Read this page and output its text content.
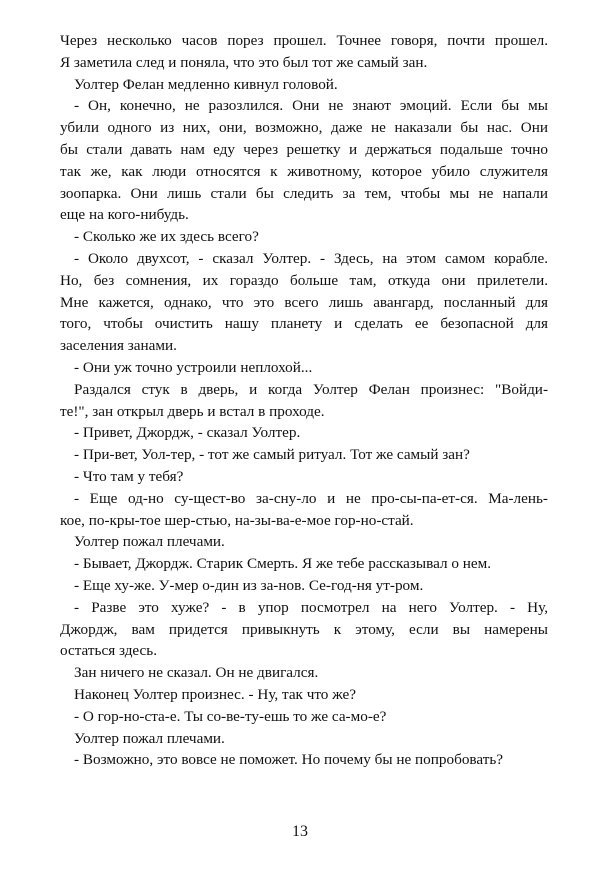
Через несколько часов порез прошел. Точнее говоря, почти прошел.
Я заметила след и поняла, что это был тот же самый зан.
Уолтер Фелан медленно кивнул головой.
- Он, конечно, не разозлился. Они не знают эмоций. Если бы мы
убили одного из них, они, возможно, даже не наказали бы нас. Они
бы стали давать нам еду через решетку и держаться подальше точно
так же, как люди относятся к животному, которое убило служителя
зоопарка. Они лишь стали бы следить за тем, чтобы мы не напали
еще на кого-нибудь.
- Сколько же их здесь всего?
- Около двухсот, - сказал Уолтер. - Здесь, на этом самом корабле.
Но, без сомнения, их гораздо больше там, откуда они прилетели.
Мне кажется, однако, что это всего лишь авангард, посланный для
того, чтобы очистить нашу планету и сделать ее безопасной для
заселения занами.
- Они уж точно устроили неплохой...
Раздался стук в дверь, и когда Уолтер Фелан произнес: "Войди-
те!", зан открыл дверь и встал в проходе.
- Привет, Джордж, - сказал Уолтер.
- При-вет, Уол-тер, - тот же самый ритуал. Тот же самый зан?
- Что там у тебя?
- Еще од-но су-щест-во за-сну-ло и не про-сы-па-ет-ся. Ма-лень-
кое, по-кры-тое шер-стью, на-зы-ва-е-мое гор-но-стай.
Уолтер пожал плечами.
- Бывает, Джордж. Старик Смерть. Я же тебе рассказывал о нем.
- Еще ху-же. У-мер о-дин из за-нов. Се-год-ня ут-ром.
- Разве это хуже? - в упор посмотрел на него Уолтер. - Ну,
Джордж, вам придется привыкнуть к этому, если вы намерены
остаться здесь.
Зан ничего не сказал. Он не двигался.
Наконец Уолтер произнес. - Ну, так что же?
- О гор-но-ста-е. Ты со-ве-ту-ешь то же са-мо-е?
Уолтер пожал плечами.
- Возможно, это вовсе не поможет. Но почему бы не попробовать?
13
